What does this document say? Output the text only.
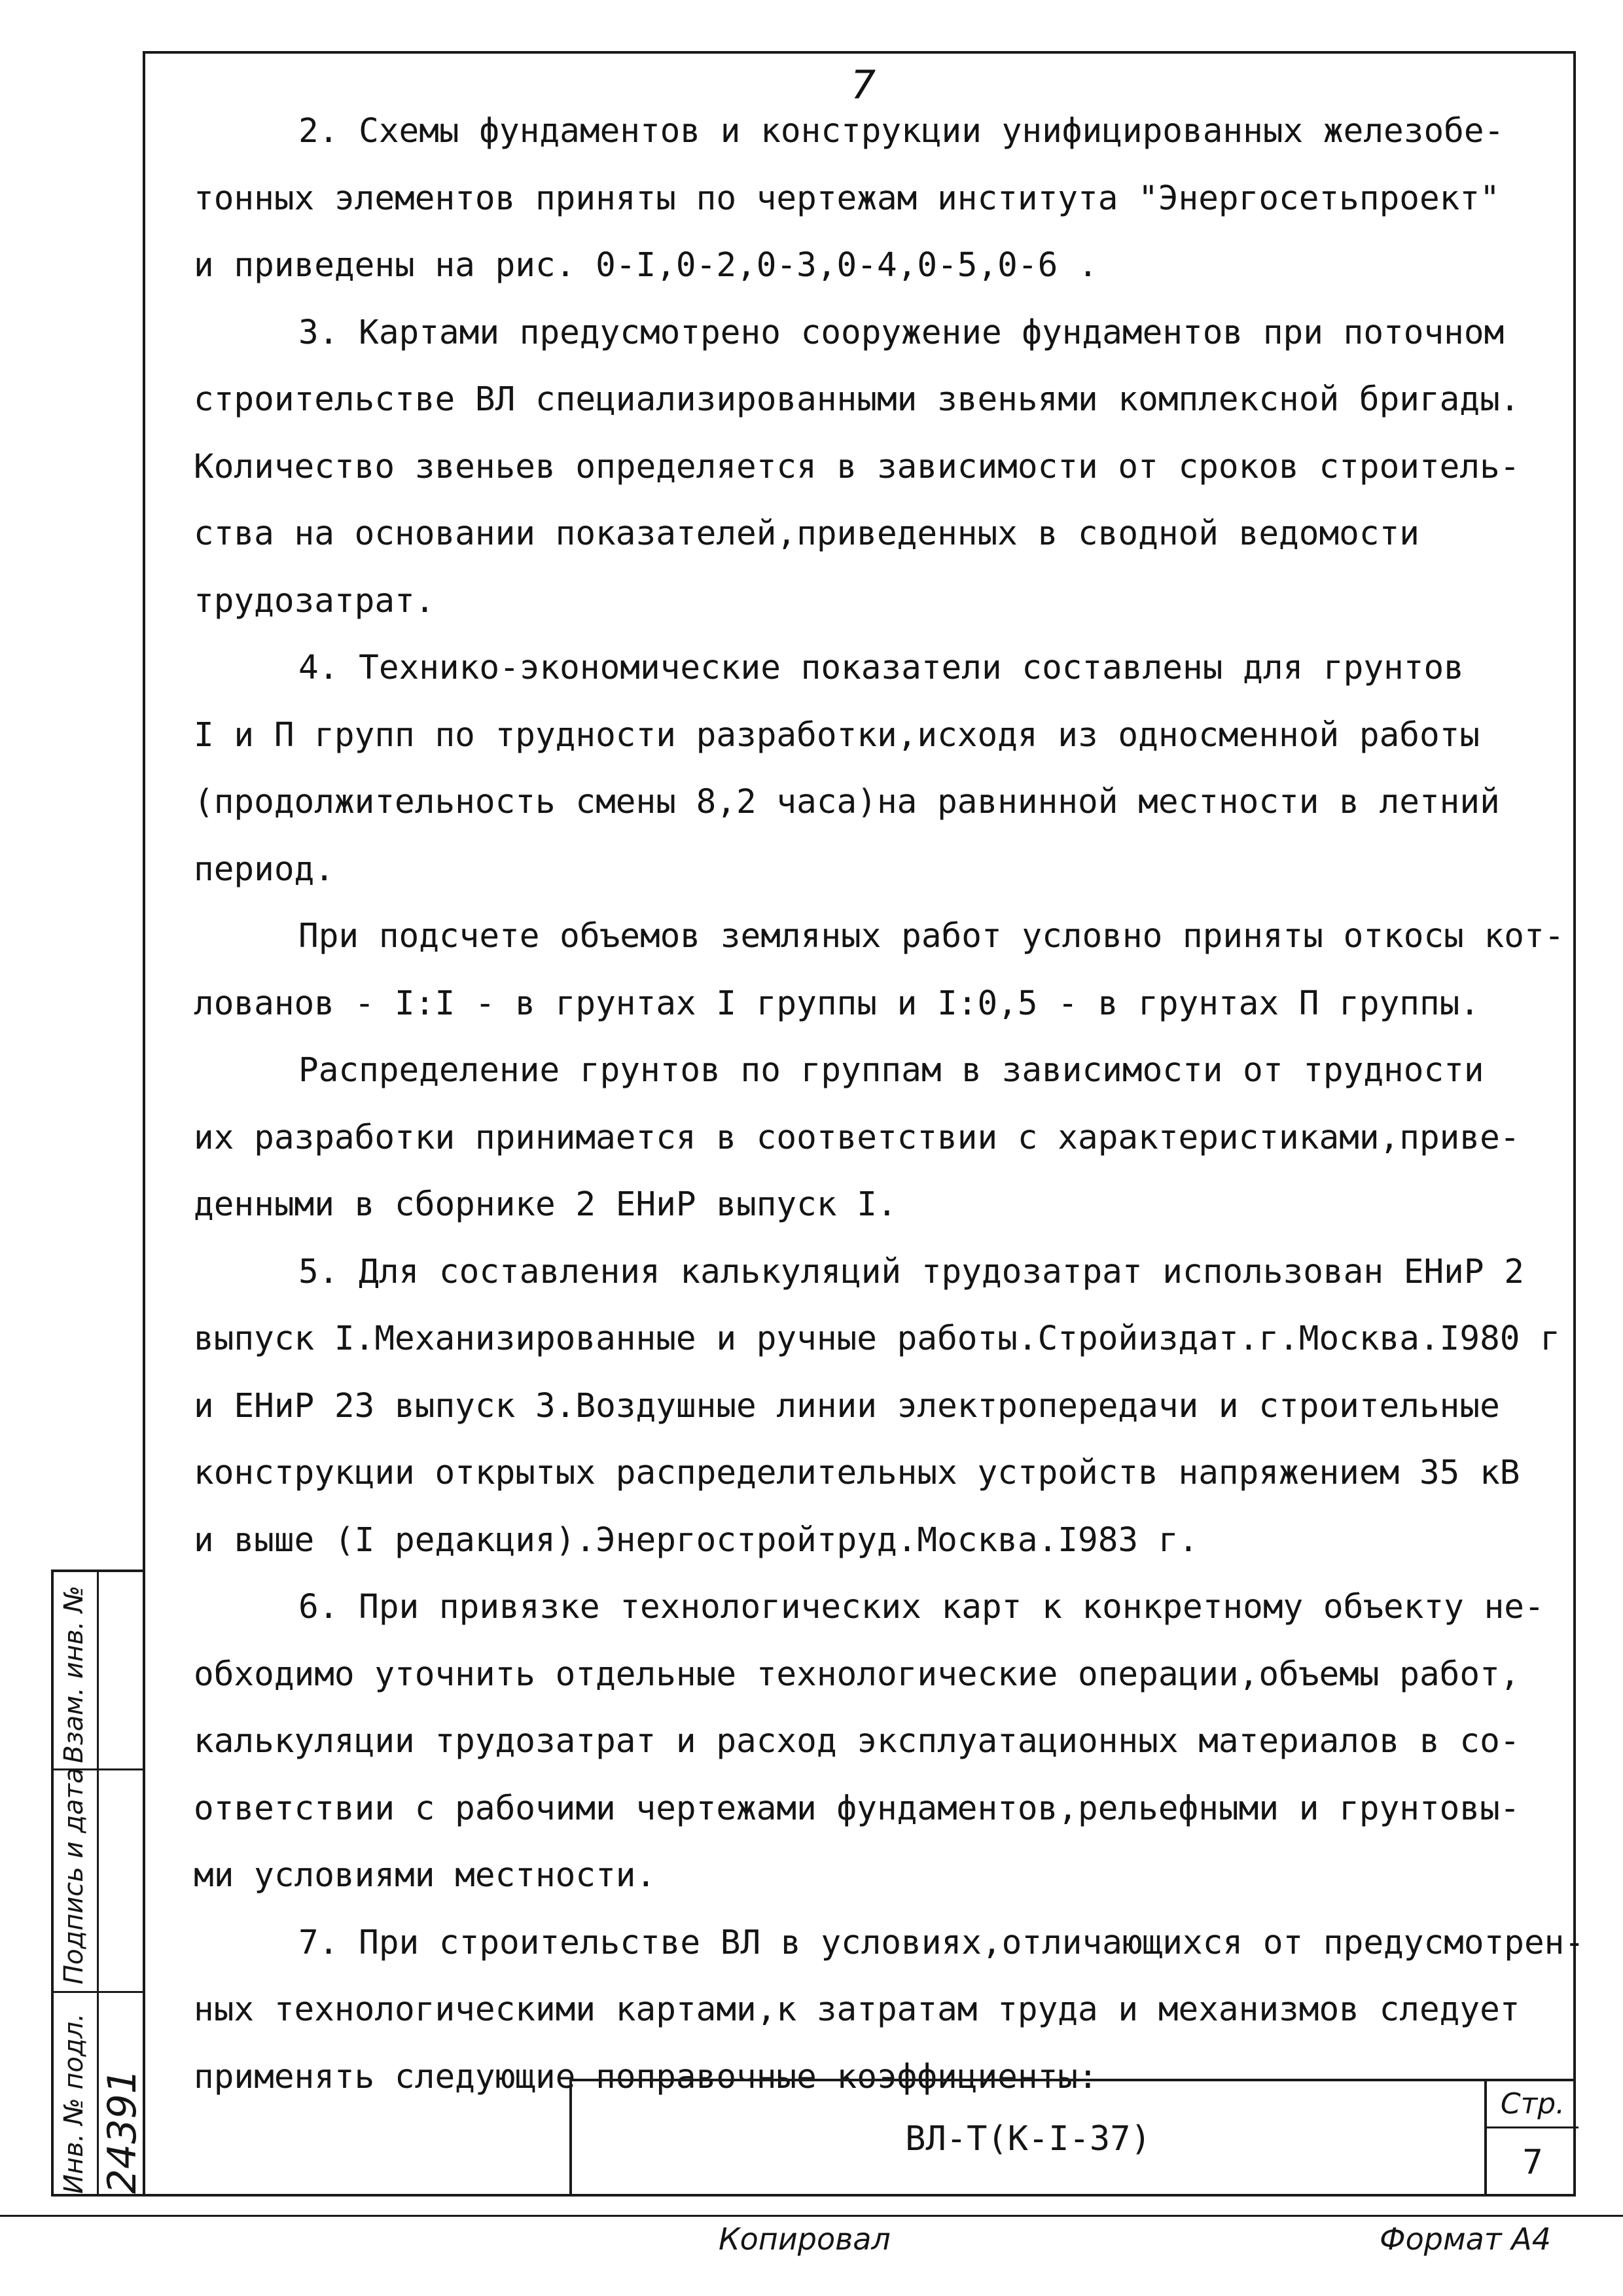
7
2. Схемы фундаментов и конструкции унифицированных железобе-
тонных элементов приняты по чертежам института "Энергосетьпроект"
и приведены на рис. 0-I,0-2,0-3,0-4,0-5,0-6 .
3. Картами предусмотрено сооружение фундаментов при поточном
строительстве ВЛ специализированными звеньями комплексной бригады.
Количество звеньев определяется в зависимости от сроков строитель-
ства на основании показателей,приведенных в сводной ведомости
трудозатрат.
4. Технико-экономические показатели составлены для грунтов
I и П групп по трудности разработки,исходя из односменной работы
(продолжительность смены 8,2 часа)на равнинной местности в летний
период.
При подсчете объемов земляных работ условно приняты откосы кот-
лованов - I:I - в грунтах I группы и I:0,5 - в грунтах П группы.
Распределение грунтов по группам в зависимости от трудности
их разработки принимается в соответствии с характеристиками,приве-
денными в сборнике 2 ЕНиР выпуск I.
5. Для составления калькуляций трудозатрат использован ЕНиР 2
выпуск I.Механизированные и ручные работы.Стройиздат.г.Москва.I980 г
и ЕНиР 23 выпуск 3.Воздушные линии электропередачи и строительные
конструкции открытых распределительных устройств напряжением 35 кВ
и выше (I редакция).Энергостройтруд.Москва.I983 г.
6. При привязке технологических карт к конкретному объекту не-
обходимо уточнить отдельные технологические операции,объемы работ,
калькуляции трудозатрат и расход эксплуатационных материалов в со-
ответствии с рабочими чертежами фундаментов,рельефными и грунтовы-
ми условиями местности.
7. При строительстве ВЛ в условиях,отличающихся от предусмотрен-
ных технологическими картами,к затратам труда и механизмов следует
применять следующие поправочные коэффициенты:
Инв. № подл. 24391
Подпись и дата
Взам. инв. №
ВЛ-Т(К-I-37)
Стр.
7
Копировал	Формат А4
